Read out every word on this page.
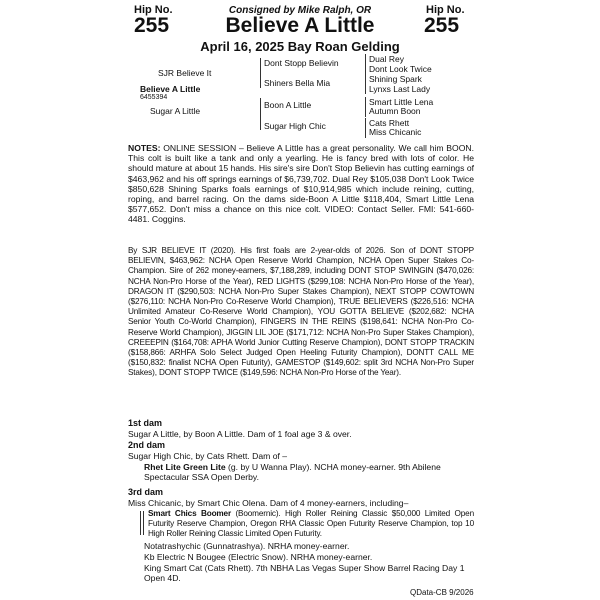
Hip No.
255
Hip No.
255
Consigned by Mike Ralph, OR
Believe A Little
April 16, 2025 Bay Roan Gelding
SJR Believe It
Believe A Little
6455394
Sugar A Little
Dont Stopp Believin
Shiners Bella Mia
Boon A Little
Sugar High Chic
Dual Rey
Dont Look Twice
Shining Spark
Lynxs Last Lady
Smart Little Lena
Autumn Boon
Cats Rhett
Miss Chicanic
NOTES: ONLINE SESSION – Believe A Little has a great personality. We call him BOON. This colt is built like a tank and only a yearling. He is fancy bred with lots of color. He should mature at about 15 hands. His sire's sire Don't Stop Believin has cutting earnings of $463,962 and his off springs earnings of $6,739,702. Dual Rey $105,038 Don't Look Twice $850,628 Shining Sparks foals earnings of $10,914,985 which include reining, cutting, roping, and barrel racing. On the dams side-Boon A Little $118,404, Smart Little Lena $577,652. Don't miss a chance on this nice colt. VIDEO: Contact Seller. FMI: 541-660-4481. Coggins.
By SJR BELIEVE IT (2020). His first foals are 2-year-olds of 2026. Son of DONT STOPP BELIEVIN, $463,962: NCHA Open Reserve World Champion, NCHA Open Super Stakes Co-Champion. Sire of 262 money-earners, $7,188,289, including DONT STOP SWINGIN ($470,026: NCHA Non-Pro Horse of the Year), RED LIGHTS ($299,108: NCHA Non-Pro Horse of the Year), DRAGON IT ($290,503: NCHA Non-Pro Super Stakes Champion), NEXT STOPP COWTOWN ($276,110: NCHA Non-Pro Co-Reserve World Champion), TRUE BELIEVERS ($226,516: NCHA Unlimited Amateur Co-Reserve World Champion), YOU GOTTA BELIEVE ($202,682: NCHA Senior Youth Co-World Champion), FINGERS IN THE REINS ($198,641: NCHA Non-Pro Co-Reserve World Champion), JIGGIN LIL JOE ($171,712: NCHA Non-Pro Super Stakes Champion), CREEEPIN ($164,708: APHA World Junior Cutting Reserve Champion), DONT STOPP TRACKIN ($158,866: ARHFA Solo Select Judged Open Heeling Futurity Champion), DONTT CALL ME ($150,832: finalist NCHA Open Futurity), GAMESTOP ($149,602: split 3rd NCHA Non-Pro Super Stakes), DONT STOPP TWICE ($149,596: NCHA Non-Pro Horse of the Year).
1st dam
Sugar A Little, by Boon A Little. Dam of 1 foal age 3 & over.
2nd dam
Sugar High Chic, by Cats Rhett. Dam of –
Rhet Lite Green Lite (g. by U Wanna Play). NCHA money-earner. 9th Abilene Spectacular SSA Open Derby.
3rd dam
Miss Chicanic, by Smart Chic Olena. Dam of 4 money-earners, including–
Smart Chics Boomer (Boomernic). High Roller Reining Classic $50,000 Limited Open Futurity Reserve Champion, Oregon RHA Classic Open Futurity Reserve Champion, top 10 High Roller Reining Classic Limited Open Futurity.
Notatrashychic (Gunnatrashya). NRHA money-earner.
Kb Electric N Bougee (Electric Snow). NRHA money-earner.
King Smart Cat (Cats Rhett). 7th NBHA Las Vegas Super Show Barrel Racing Day 1 Open 4D.
QData-CB 9/2026
